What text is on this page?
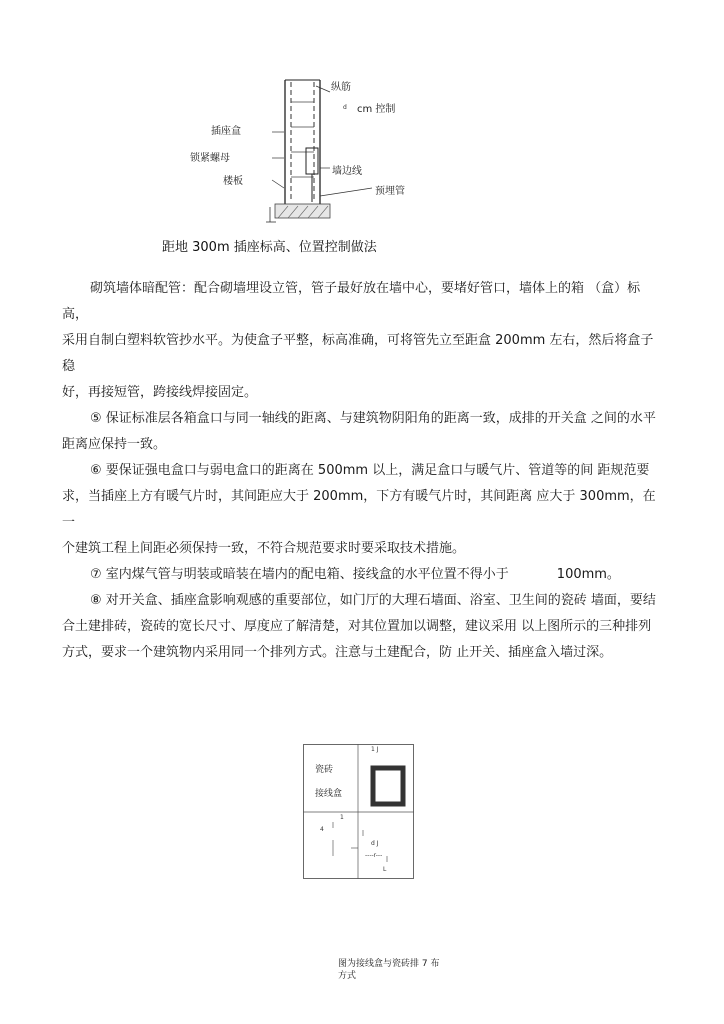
纵筋
d cm 控制
插座盒
锁紧螺母
楼板
墙边线
预埋管
距地 300m 插座标高、位置控制做法

砌筑墙体暗配管：配合砌墙埋设立管，管子最好放在墙中心，要堵好管口，墙体上的箱 （盒）标高，

采用自制白塑料软管抄水平。为使盒子平整，标高准确，可将管先立至距盒 200mm 左右，然后将盒子稳

好，再接短管，跨接线焊接固定。

⑤ 保证标准层各箱盒口与同一轴线的距离、与建筑物阴阳角的距离一致，成排的开关盒 之间的水平

距离应保持一致。

⑥ 要保证强电盒口与弱电盒口的距离在 500mm 以上，满足盒口与暖气片、管道等的间 距规范要

求，当插座上方有暖气片时，其间距应大于 200mm，下方有暖气片时，其间距离 应大于 300mm，在一

个建筑工程上间距必须保持一致，不符合规范要求时要采取技术措施。

⑦ 室内煤气管与明装或暗装在墙内的配电箱、接线盒的水平位置不得小于	100mm。

⑧ 对开关盒、插座盒影响观感的重要部位，如门厅的大理石墙面、浴室、卫生间的瓷砖 墙面，要结

合土建排砖，瓷砖的宽长尺寸、厚度应了解清楚，对其位置加以调整，建议采用 以上图所示的三种排列

方式，要求一个建筑物内采用同一个排列方式。注意与土建配合，防 止开关、插座盒入墙过深。

1 J
瓷砖
接线盒
1
4
d J
----r---
L
图为接线盒与瓷砖排 7 布
方式
